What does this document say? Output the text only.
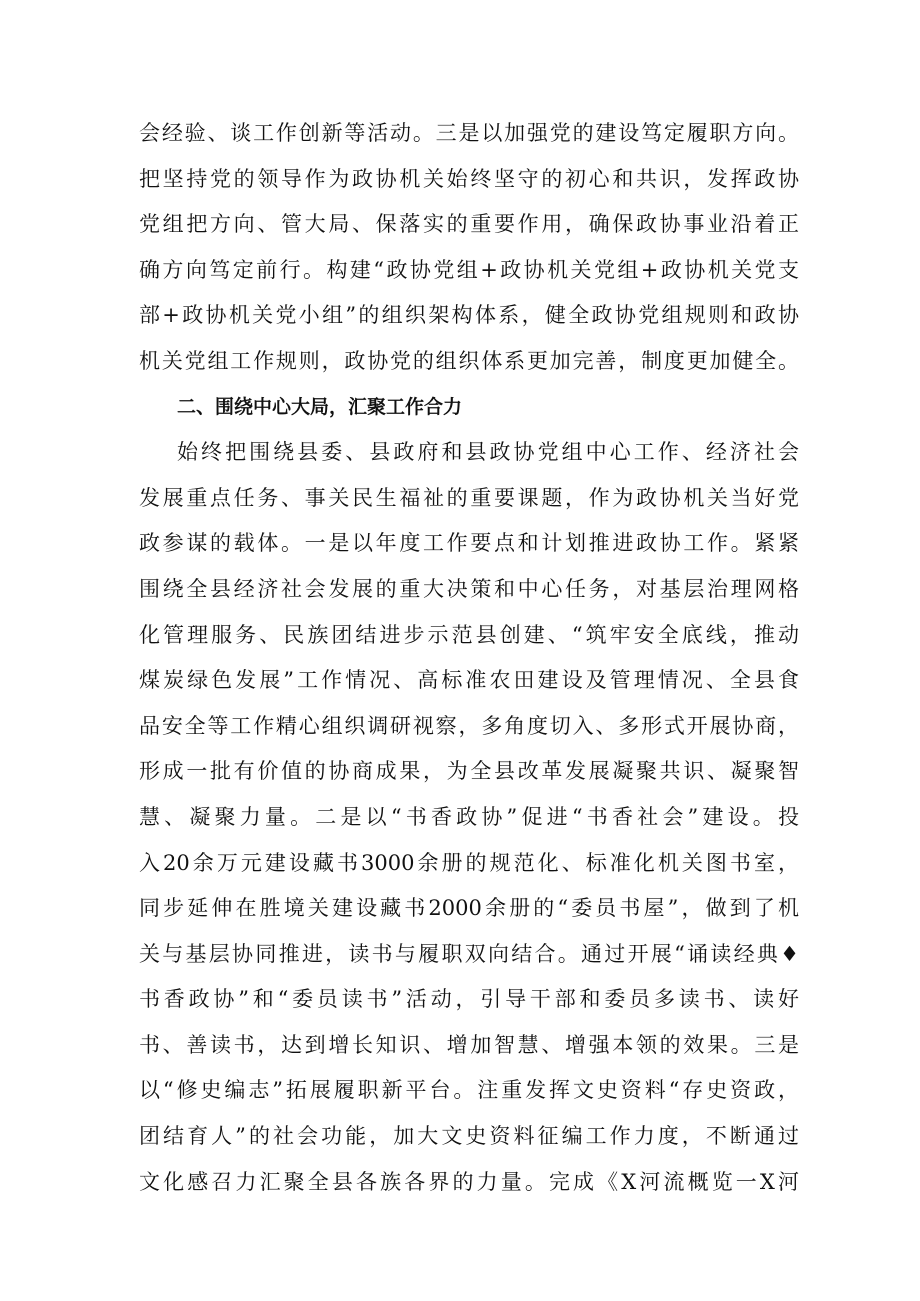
会经验、谈工作创新等活动。三是以加强党的建设笃定履职方向。
把坚持党的领导作为政协机关始终坚守的初心和共识，发挥政协
党组把方向、管大局、保落实的重要作用，确保政协事业沿着正
确方向笃定前行。构建“政协党组+政协机关党组+政协机关党支
部+政协机关党小组”的组织架构体系，健全政协党组规则和政协
机关党组工作规则，政协党的组织体系更加完善，制度更加健全。
二、围绕中心大局，汇聚工作合力
始终把围绕县委、县政府和县政协党组中心工作、经济社会
发展重点任务、事关民生福祉的重要课题，作为政协机关当好党
政参谋的载体。一是以年度工作要点和计划推进政协工作。紧紧
围绕全县经济社会发展的重大决策和中心任务，对基层治理网格
化管理服务、民族团结进步示范县创建、“筑牢安全底线，推动
煤炭绿色发展”工作情况、高标准农田建设及管理情况、全县食
品安全等工作精心组织调研视察，多角度切入、多形式开展协商，
形成一批有价值的协商成果，为全县改革发展凝聚共识、凝聚智
慧、凝聚力量。二是以“书香政协”促进“书香社会”建设。投
入20余万元建设藏书3000余册的规范化、标准化机关图书室，
同步延伸在胜境关建设藏书2000余册的“委员书屋”，做到了机
关与基层协同推进，读书与履职双向结合。通过开展“诵读经典♦
书香政协”和“委员读书”活动，引导干部和委员多读书、读好
书、善读书，达到增长知识、增加智慧、增强本领的效果。三是
以“修史编志”拓展履职新平台。注重发挥文史资料“存史资政，
团结育人”的社会功能，加大文史资料征编工作力度，不断通过
文化感召力汇聚全县各族各界的力量。完成《X河流概览一X河
